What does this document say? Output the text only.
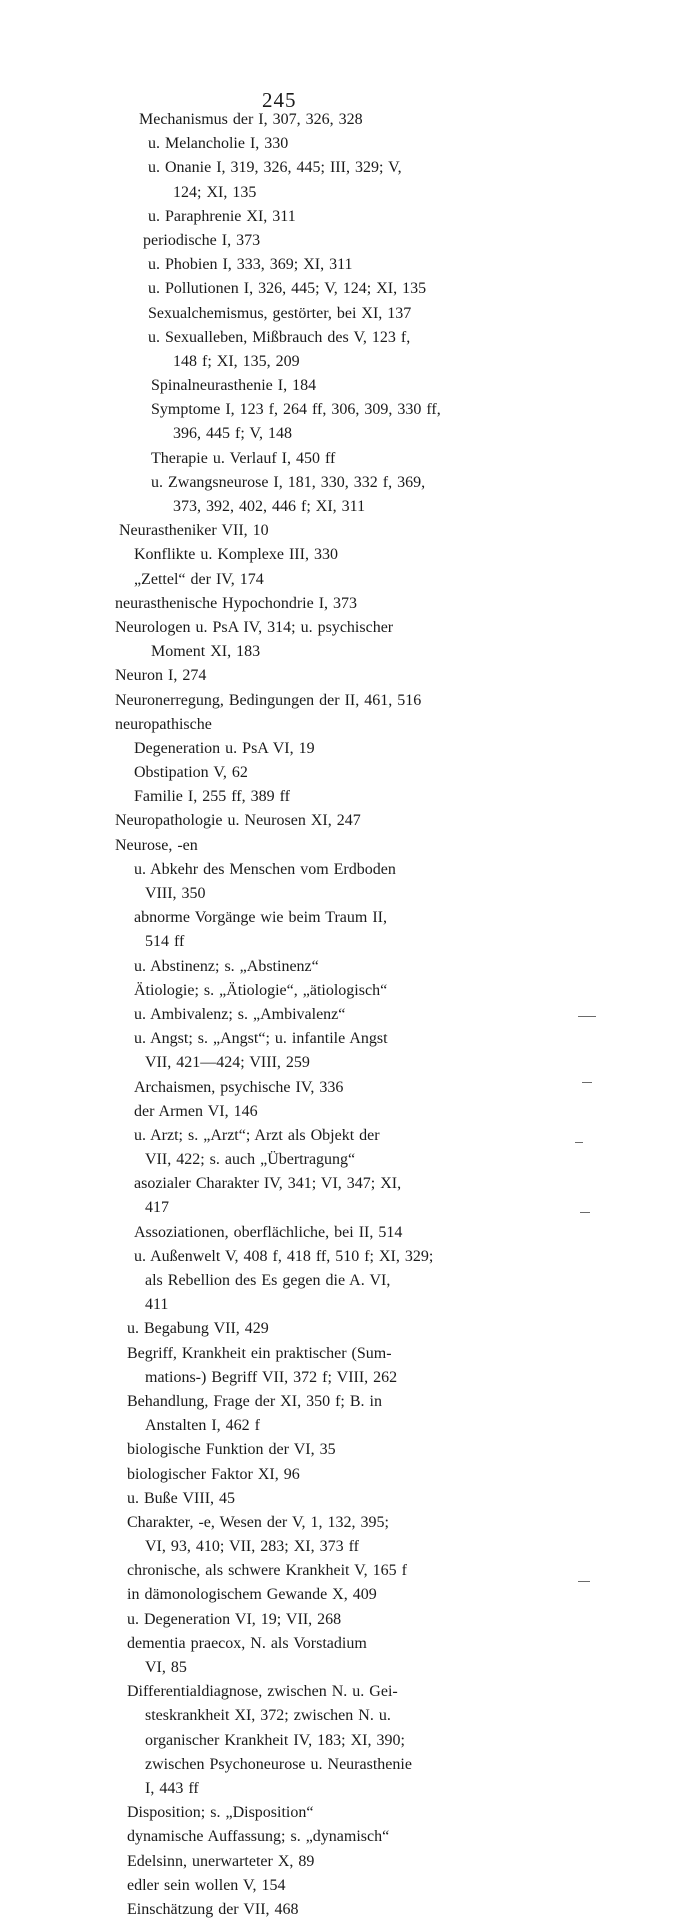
245
Mechanismus der I, 307, 326, 328
u. Melancholie I, 330
u. Onanie I, 319, 326, 445; III, 329; V,
124; XI, 135
u. Paraphrenie XI, 311
periodische I, 373
u. Phobien I, 333, 369; XI, 311
u. Pollutionen I, 326, 445; V, 124; XI, 135
Sexualchemismus, gestörter, bei XI, 137
u. Sexualleben, Mißbrauch des V, 123 f,
148 f; XI, 135, 209
Spinalneurasthenie I, 184
Symptome I, 123 f, 264 ff, 306, 309, 330 ff,
396, 445 f; V, 148
Therapie u. Verlauf I, 450 ff
u. Zwangsneurose I, 181, 330, 332 f, 369,
373, 392, 402, 446 f; XI, 311
Neurastheniker VII, 10
Konflikte u. Komplexe III, 330
„Zettel“ der IV, 174
neurasthenische Hypochondrie I, 373
Neurologen u. PsA IV, 314; u. psychischer
Moment XI, 183
Neuron I, 274
Neuronerregung, Bedingungen der II, 461, 516
neuropathische
Degeneration u. PsA VI, 19
Obstipation V, 62
Familie I, 255 ff, 389 ff
Neuropathologie u. Neurosen XI, 247
Neurose, -en
u. Abkehr des Menschen vom Erdboden
VIII, 350
abnorme Vorgänge wie beim Traum II,
514 ff
u. Abstinenz; s. „Abstinenz“
Ätiologie; s. „Ätiologie“, „ätiologisch“
u. Ambivalenz; s. „Ambivalenz“
u. Angst; s. „Angst“; u. infantile Angst
VII, 421—424; VIII, 259
Archaismen, psychische IV, 336
der Armen VI, 146
u. Arzt; s. „Arzt“; Arzt als Objekt der
VII, 422; s. auch „Übertragung“
asozialer Charakter IV, 341; VI, 347; XI,
417
Assoziationen, oberflächliche, bei II, 514
u. Außenwelt V, 408 f, 418 ff, 510 f; XI, 329;
als Rebellion des Es gegen die A. VI,
411
u. Begabung VII, 429
Begriff, Krankheit ein praktischer (Sum-
mations-) Begriff VII, 372 f; VIII, 262
Behandlung, Frage der XI, 350 f; B. in
Anstalten I, 462 f
biologische Funktion der VI, 35
biologischer Faktor XI, 96
u. Buße VIII, 45
Charakter, -e, Wesen der V, 1, 132, 395;
VI, 93, 410; VII, 283; XI, 373 ff
chronische, als schwere Krankheit V, 165 f
in dämonologischem Gewande X, 409
u. Degeneration VI, 19; VII, 268
dementia praecox, N. als Vorstadium
VI, 85
Differentialdiagnose, zwischen N. u. Gei-
steskrankheit XI, 372; zwischen N. u.
organischer Krankheit IV, 183; XI, 390;
zwischen Psychoneurose u. Neurasthenie
I, 443 ff
Disposition; s. „Disposition“
dynamische Auffassung; s. „dynamisch“
Edelsinn, unerwarteter X, 89
edler sein wollen V, 154
Einschätzung der VII, 468
